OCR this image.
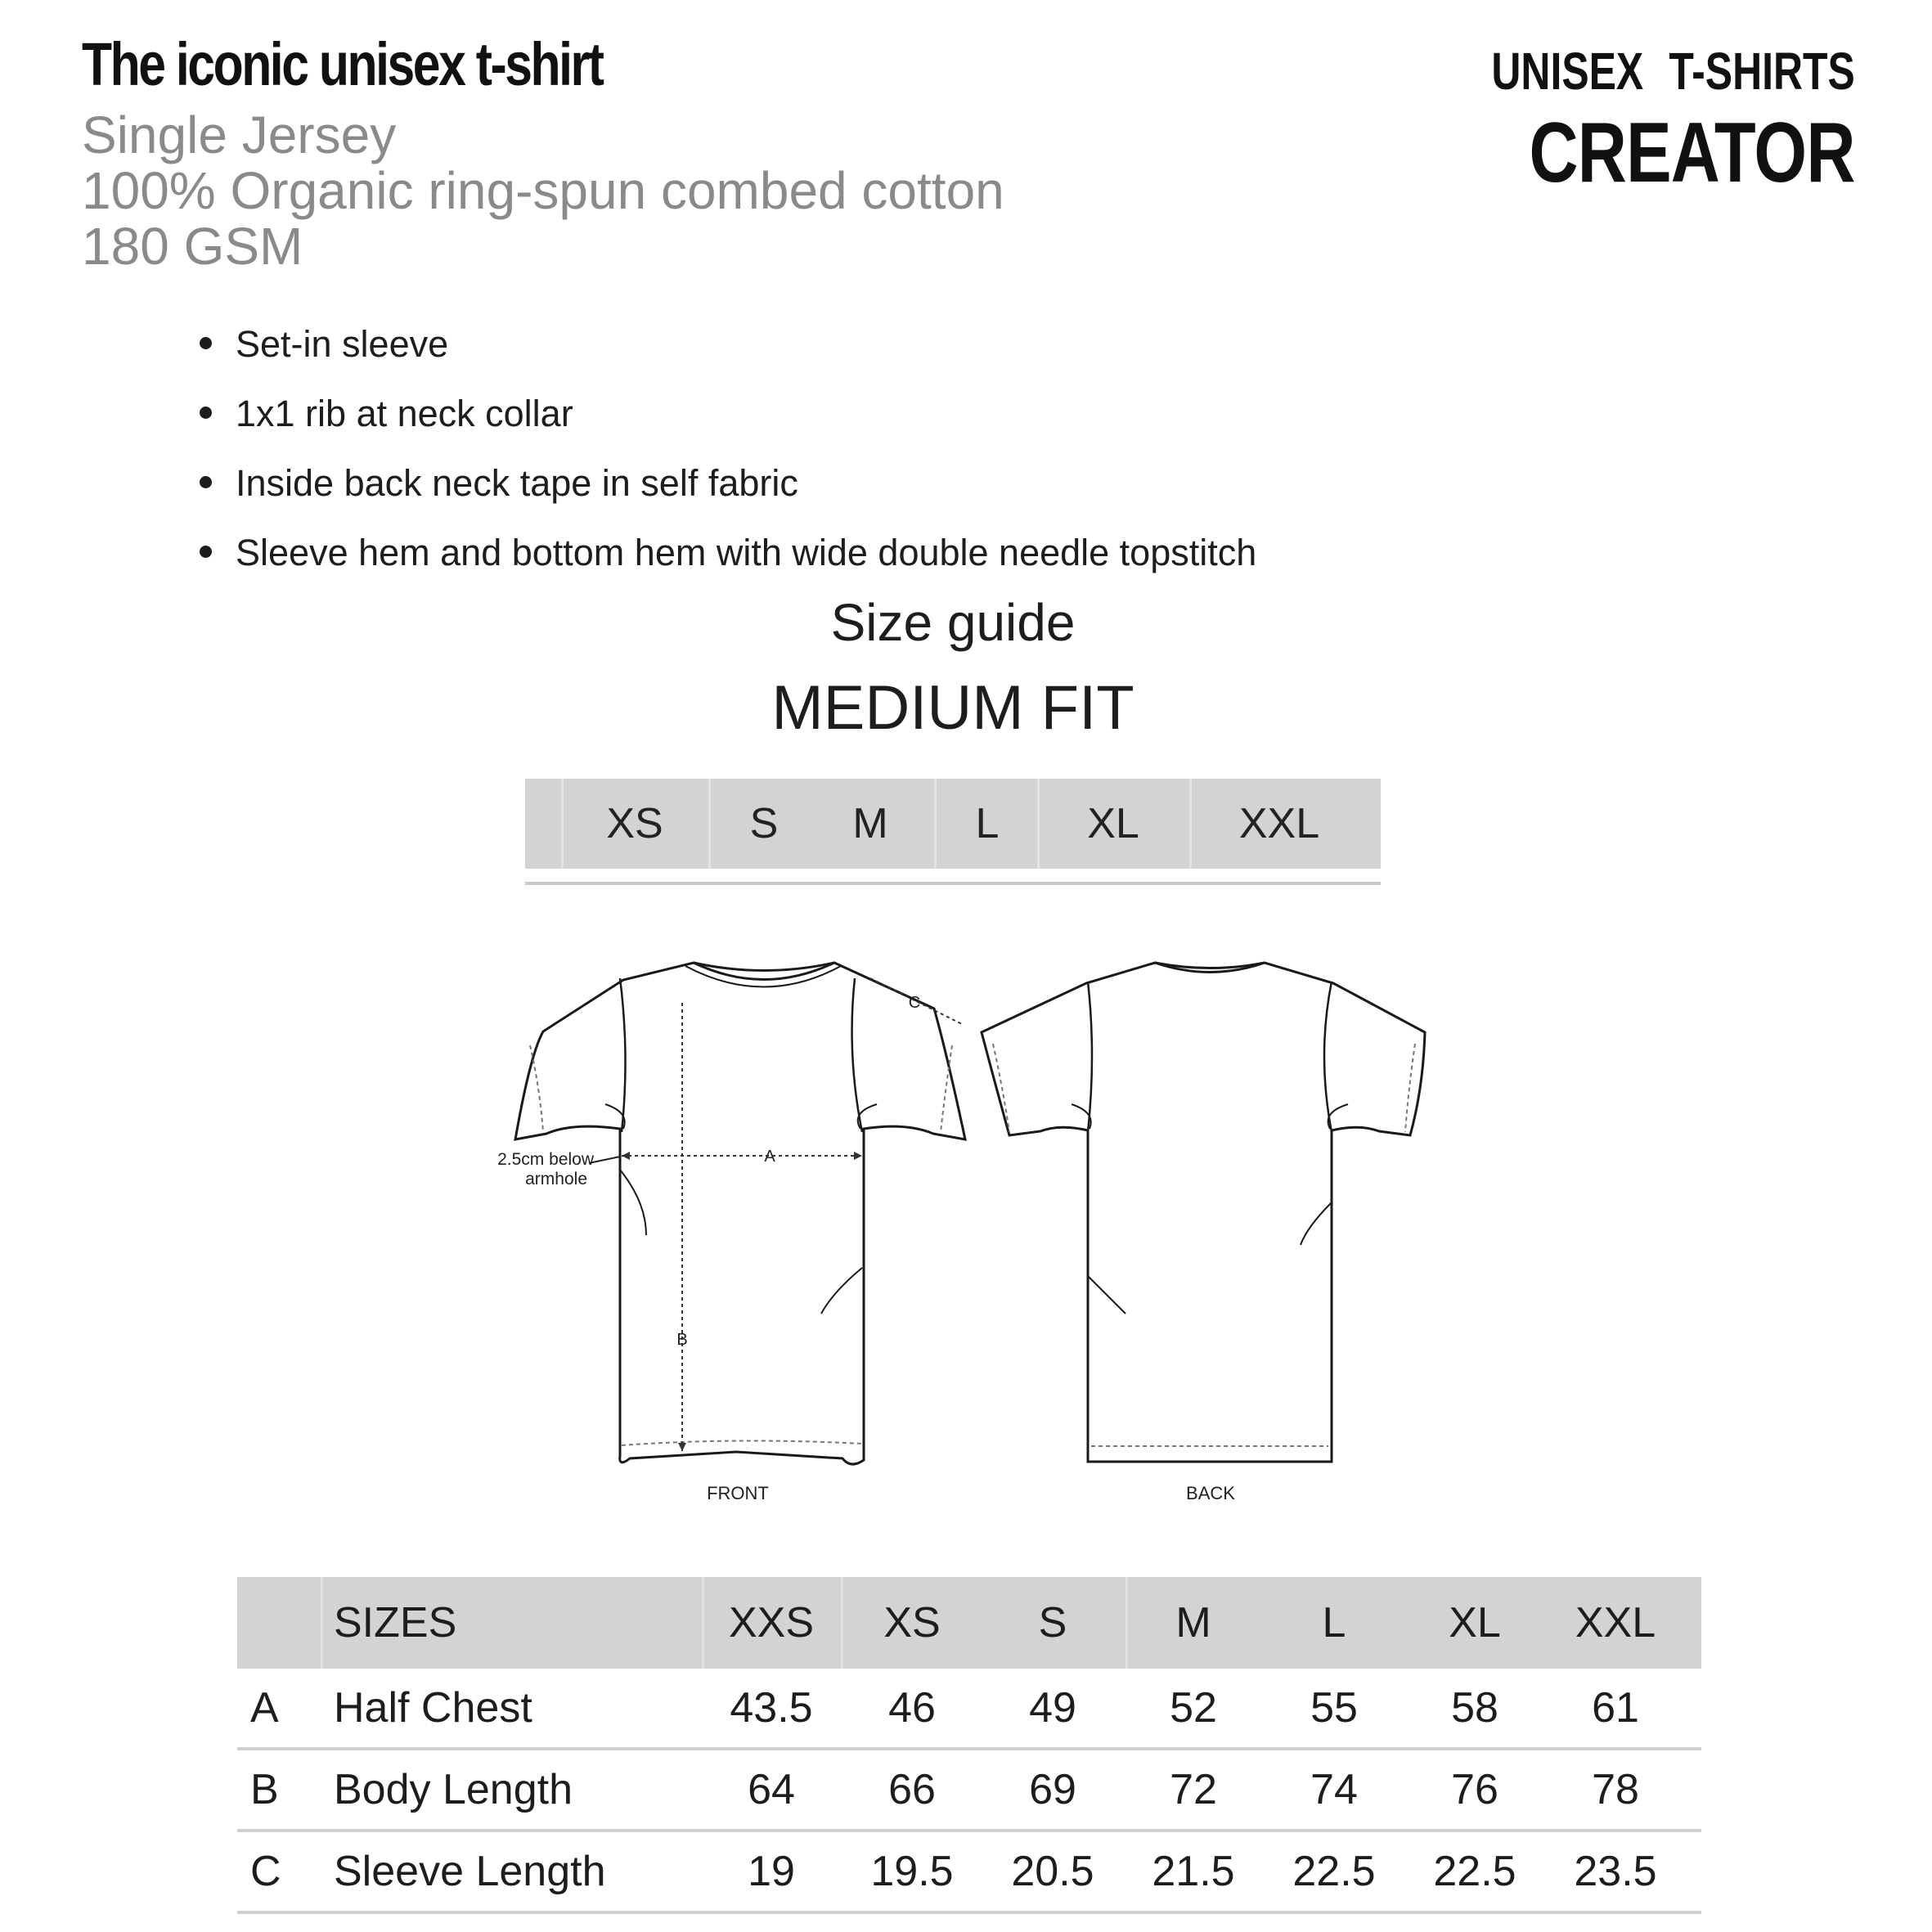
The iconic unisex t-shirt
Single Jersey
100% Organic ring-spun combed cotton
180 GSM
UNISEX T-SHIRTS
CREATOR
Set-in sleeve
1x1 rib at neck collar
Inside back neck tape in self fabric
Sleeve hem and bottom hem with wide double needle topstitch
Size guide
MEDIUM FIT
XS	S	M	L	XL	XXL
A
B
C
2.5cm below
armhole
FRONT	BACK
SIZES	XXS	XS	S	M	L	XL	XXL
A Half Chest	43.5	46	49	52	55	58	61
B Body Length	64	66	69	72	74	76	78
C Sleeve Length	19	19.5	20.5	21.5	22.5	22.5	23.5
